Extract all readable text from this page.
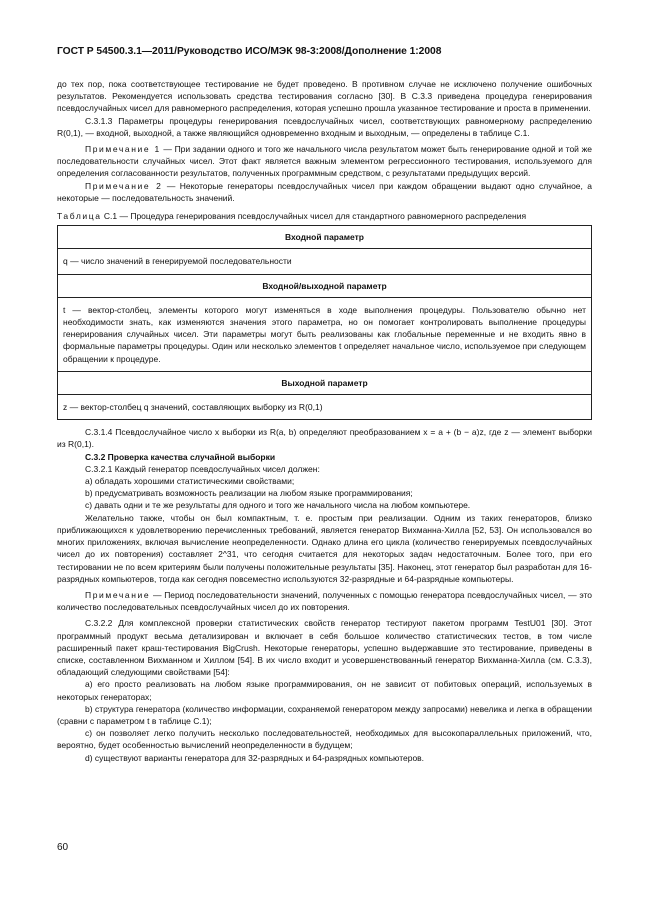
ГОСТ Р 54500.3.1—2011/Руководство ИСО/МЭК 98-3:2008/Дополнение 1:2008

до тех пор, пока соответствующее тестирование не будет проведено. В противном случае не исключено получение ошибочных результатов. Рекомендуется использовать средства тестирования согласно [30]. В С.3.3 приведена процедура генерирования псевдослучайных чисел для равномерного распределения, которая успешно прошла указанное тестирование и проста в применении.

С.3.1.3 Параметры процедуры генерирования псевдослучайных чисел, соответствующих равномерному распределению R(0,1), — входной, выходной, а также являющийся одновременно входным и выходным, — определены в таблице С.1.

Примечание 1 — При задании одного и того же начального числа результатом может быть генерирование одной и той же последовательности случайных чисел. Этот факт является важным элементом регрессионного тестирования, используемого для определения согласованности результатов, полученных программным средством, с результатами предыдущих версий.

Примечание 2 — Некоторые генераторы псевдослучайных чисел при каждом обращении выдают одно случайное, а некоторые — последовательность значений.

Таблица С.1 — Процедура генерирования псевдослучайных чисел для стандартного равномерного распределения

Входной параметр
q — число значений в генерируемой последовательности
Входной/выходной параметр
t — вектор-столбец, элементы которого могут изменяться в ходе выполнения процедуры. Пользователю обычно нет необходимости знать, как изменяются значения этого параметра, но он помогает контролировать выполнение процедуры генерирования случайных чисел. Эти параметры могут быть реализованы как глобальные переменные и не входить явно в формальные параметры процедуры. Один или несколько элементов t определяет начальное число, используемое при следующем обращении к процедуре.
Выходной параметр
z — вектор-столбец q значений, составляющих выборку из R(0,1)

С.3.1.4 Псевдослучайное число x выборки из R(a, b) определяют преобразованием x = a + (b − a)z, где z — элемент выборки из R(0,1).

С.3.2 Проверка качества случайной выборки

С.3.2.1 Каждый генератор псевдослучайных чисел должен:

а) обладать хорошими статистическими свойствами;

b) предусматривать возможность реализации на любом языке программирования;

с) давать одни и те же результаты для одного и того же начального числа на любом компьютере.

Желательно также, чтобы он был компактным, т. е. простым при реализации. Одним из таких генераторов, близко приближающихся к удовлетворению перечисленных требований, является генератор Вихманна-Хилла [52, 53]. Он использовался во многих приложениях, включая вычисление неопределенности. Однако длина его цикла (количество генерируемых псевдослучайных чисел до их повторения) составляет 2^31, что сегодня считается для некоторых задач недостаточным. Более того, при его тестировании не по всем критериям были получены положительные результаты [35]. Наконец, этот генератор был разработан для 16-разрядных компьютеров, тогда как сегодня повсеместно используются 32-разрядные и 64-разрядные компьютеры.

Примечание — Период последовательности значений, полученных с помощью генератора псевдослучайных чисел, — это количество последовательных псевдослучайных чисел до их повторения.

С.3.2.2 Для комплексной проверки статистических свойств генератор тестируют пакетом программ TestU01 [30]. Этот программный продукт весьма детализирован и включает в себя большое количество статистических тестов, в том числе расширенный пакет краш-тестирования BigCrush. Некоторые генераторы, успешно выдержавшие это тестирование, приведены в списке, составленном Вихманном и Хиллом [54]. В их число входит и усовершенствованный генератор Вихманна-Хилла (см. С.3.3), обладающий следующими свойствами [54]:

а) его просто реализовать на любом языке программирования, он не зависит от побитовых операций, используемых в некоторых генераторах;

b) структура генератора (количество информации, сохраняемой генератором между запросами) невелика и легка в обращении (сравни с параметром t в таблице С.1);

с) он позволяет легко получить несколько последовательностей, необходимых для высокопараллельных приложений, что, вероятно, будет особенностью вычислений неопределенности в будущем;

d) существуют варианты генератора для 32-разрядных и 64-разрядных компьютеров.

60
